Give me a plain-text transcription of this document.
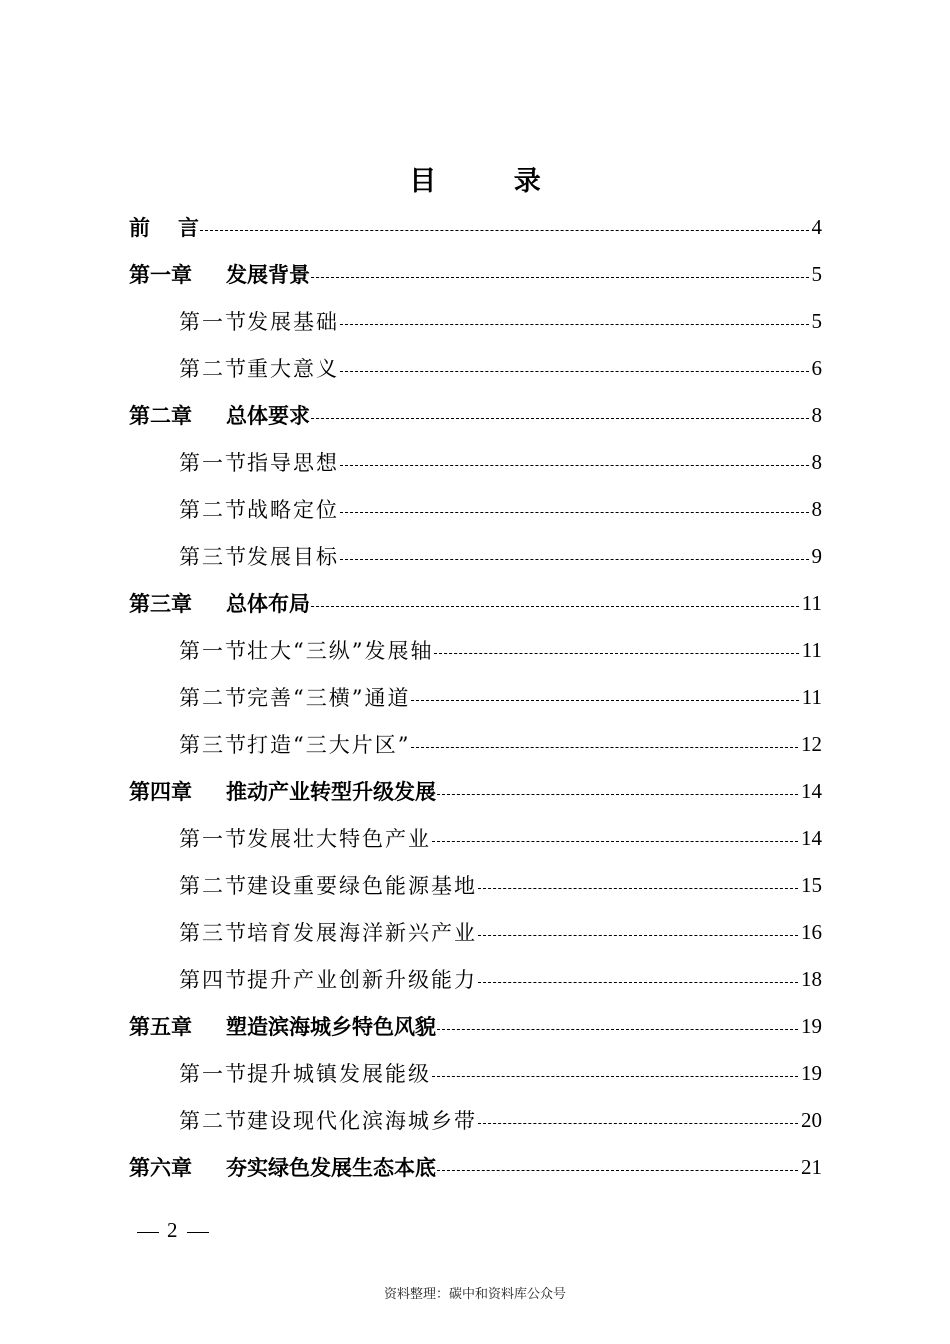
目 录
前 言	4
第一章 发展背景	5
第一节发展基础	5
第二节重大意义	6
第二章 总体要求	8
第一节指导思想	8
第二节战略定位	8
第三节发展目标	9
第三章 总体布局	11
第一节壮大“三纵”发展轴	11
第二节完善“三横”通道	11
第三节打造“三大片区”	12
第四章 推动产业转型升级发展	14
第一节发展壮大特色产业	14
第二节建设重要绿色能源基地	15
第三节培育发展海洋新兴产业	16
第四节提升产业创新升级能力	18
第五章 塑造滨海城乡特色风貌	19
第一节提升城镇发展能级	19
第二节建设现代化滨海城乡带	20
第六章 夯实绿色发展生态本底	21
2
资料整理：碳中和资料库公众号
